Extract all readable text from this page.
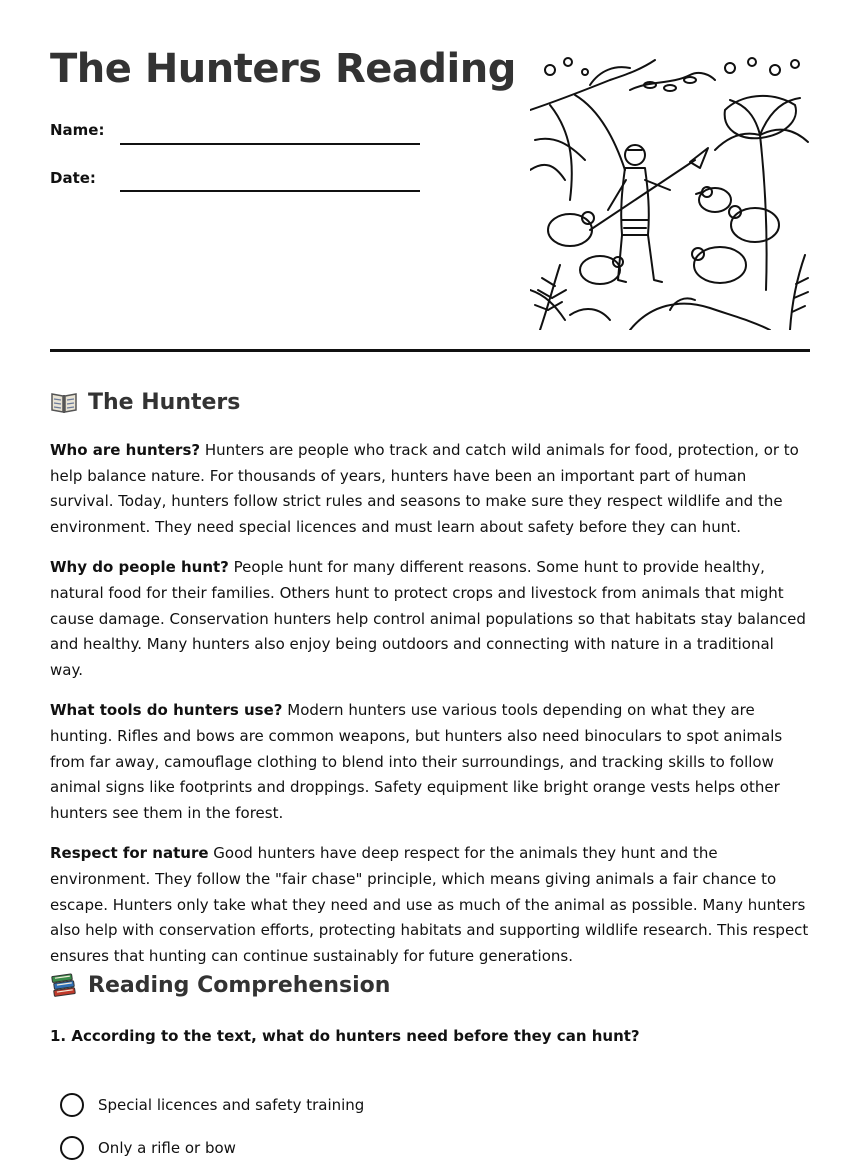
The Hunters Reading
Name:
Date:
The Hunters

Who are hunters? Hunters are people who track and catch wild animals for food, protection, or to help balance nature. For thousands of years, hunters have been an important part of human survival. Today, hunters follow strict rules and seasons to make sure they respect wildlife and the environment. They need special licences and must learn about safety before they can hunt.

Why do people hunt? People hunt for many different reasons. Some hunt to provide healthy, natural food for their families. Others hunt to protect crops and livestock from animals that might cause damage. Conservation hunters help control animal populations so that habitats stay balanced and healthy. Many hunters also enjoy being outdoors and connecting with nature in a traditional way.

What tools do hunters use? Modern hunters use various tools depending on what they are hunting. Rifles and bows are common weapons, but hunters also need binoculars to spot animals from far away, camouflage clothing to blend into their surroundings, and tracking skills to follow animal signs like footprints and droppings. Safety equipment like bright orange vests helps other hunters see them in the forest.

Respect for nature Good hunters have deep respect for the animals they hunt and the environment. They follow the "fair chase" principle, which means giving animals a fair chance to escape. Hunters only take what they need and use as much of the animal as possible. Many hunters also help with conservation efforts, protecting habitats and supporting wildlife research. This respect ensures that hunting can continue sustainably for future generations.

Reading Comprehension

1. According to the text, what do hunters need before they can hunt?

Special licences and safety training
Only a rifle or bow
